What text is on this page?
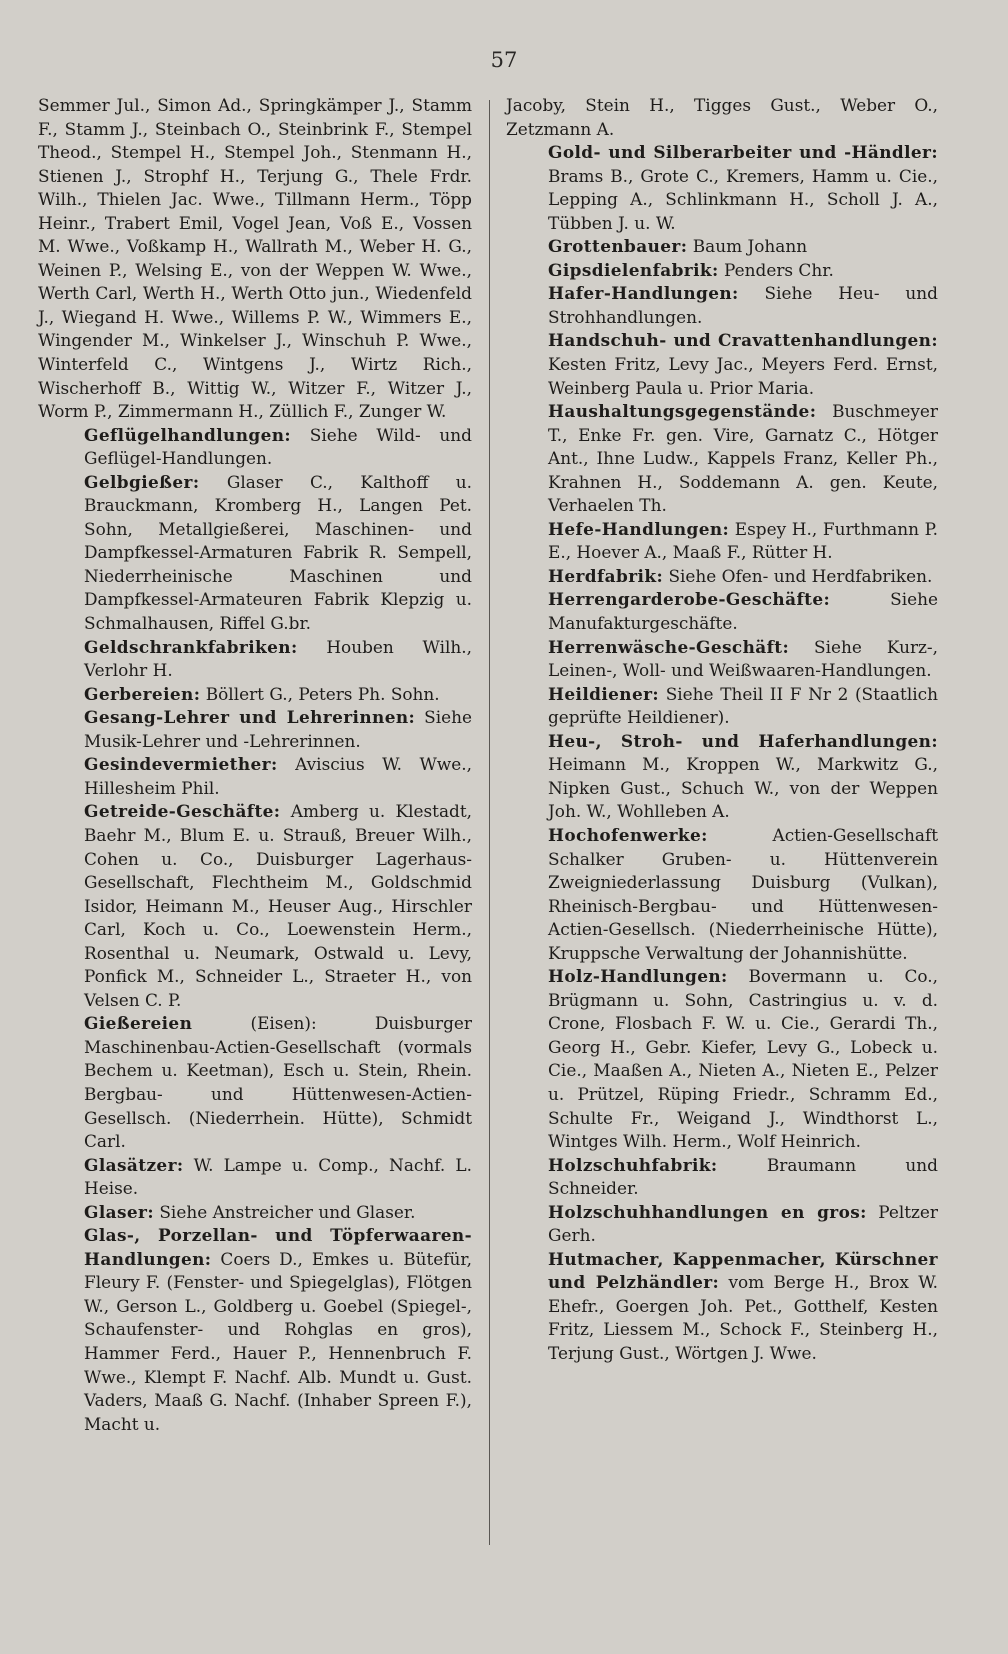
57

Semmer Jul., Simon Ad., Springkämper J., Stamm F., Stamm J., Steinbach O., Steinbrink F., Stempel Theod., Stempel H., Stempel Joh., Stenmann H., Stienen J., Strophf H., Terjung G., Thele Frdr. Wilh., Thielen Jac. Wwe., Tillmann Herm., Töpp Heinr., Trabert Emil, Vogel Jean, Voß E., Vossen M. Wwe., Voßkamp H., Wallrath M., Weber H. G., Weinen P., Welsing E., von der Weppen W. Wwe., Werth Carl, Werth H., Werth Otto jun., Wiedenfeld J., Wiegand H. Wwe., Willems P. W., Wimmers E., Wingender M., Winkelser J., Winschuh P. Wwe., Winterfeld C., Wintgens J., Wirtz Rich., Wischerhoff B., Wittig W., Witzer F., Witzer J., Worm P., Zimmermann H., Züllich F., Zunger W.

Geflügelhandlungen: Siehe Wild- und Geflügel-Handlungen.

Gelbgießer: Glaser C., Kalthoff u. Brauckmann, Kromberg H., Langen Pet. Sohn, Metallgießerei, Maschinen- und Dampfkessel-Armaturen Fabrik R. Sempell, Niederrheinische Maschinen und Dampfkessel-Armateuren Fabrik Klepzig u. Schmalhausen, Riffel G.br.

Geldschrankfabriken: Houben Wilh., Verlohr H.

Gerbereien: Böllert G., Peters Ph. Sohn.

Gesang-Lehrer und Lehrerinnen: Siehe Musik-Lehrer und -Lehrerinnen.

Gesindevermiether: Aviscius W. Wwe., Hillesheim Phil.

Getreide-Geschäfte: Amberg u. Klestadt, Baehr M., Blum E. u. Strauß, Breuer Wilh., Cohen u. Co., Duisburger Lagerhaus-Gesellschaft, Flechtheim M., Goldschmid Isidor, Heimann M., Heuser Aug., Hirschler Carl, Koch u. Co., Loewenstein Herm., Rosenthal u. Neumark, Ostwald u. Levy, Ponfick M., Schneider L., Straeter H., von Velsen C. P.

Gießereien (Eisen): Duisburger Maschinenbau-Actien-Gesellschaft (vormals Bechem u. Keetman), Esch u. Stein, Rhein. Bergbau- und Hüttenwesen-Actien-Gesellsch. (Niederrhein. Hütte), Schmidt Carl.

Glasätzer: W. Lampe u. Comp., Nachf. L. Heise.

Glaser: Siehe Anstreicher und Glaser.

Glas-, Porzellan- und Töpferwaaren-Handlungen: Coers D., Emkes u. Bütefür, Fleury F. (Fenster- und Spiegelglas), Flötgen W., Gerson L., Goldberg u. Goebel (Spiegel-, Schaufenster- und Rohglas en gros), Hammer Ferd., Hauer P., Hennenbruch F. Wwe., Klempt F. Nachf. Alb. Mundt u. Gust. Vaders, Maaß G. Nachf. (Inhaber Spreen F.), Macht u.

Jacoby, Stein H., Tigges Gust., Weber O., Zetzmann A.

Gold- und Silberarbeiter und -Händler: Brams B., Grote C., Kremers, Hamm u. Cie., Lepping A., Schlinkmann H., Scholl J. A., Tübben J. u. W.

Grottenbauer: Baum Johann

Gipsdielenfabrik: Penders Chr.

Hafer-Handlungen: Siehe Heu- und Strohhandlungen.

Handschuh- und Cravattenhandlungen: Kesten Fritz, Levy Jac., Meyers Ferd. Ernst, Weinberg Paula u. Prior Maria.

Haushaltungsgegenstände: Buschmeyer T., Enke Fr. gen. Vire, Garnatz C., Hötger Ant., Ihne Ludw., Kappels Franz, Keller Ph., Krahnen H., Soddemann A. gen. Keute, Verhaelen Th.

Hefe-Handlungen: Espey H., Furthmann P. E., Hoever A., Maaß F., Rütter H.

Herdfabrik: Siehe Ofen- und Herdfabriken.

Herrengarderobe-Geschäfte: Siehe Manufakturgeschäfte.

Herrenwäsche-Geschäft: Siehe Kurz-, Leinen-, Woll- und Weißwaaren-Handlungen.

Heildiener: Siehe Theil II F Nr 2 (Staatlich geprüfte Heildiener).

Heu-, Stroh- und Haferhandlungen: Heimann M., Kroppen W., Markwitz G., Nipken Gust., Schuch W., von der Weppen Joh. W., Wohlleben A.

Hochofenwerke: Actien-Gesellschaft Schalker Gruben- u. Hüttenverein Zweigniederlassung Duisburg (Vulkan), Rheinisch-Bergbau- und Hüttenwesen-Actien-Gesellsch. (Niederrheinische Hütte), Kruppsche Verwaltung der Johannishütte.

Holz-Handlungen: Bovermann u. Co., Brügmann u. Sohn, Castringius u. v. d. Crone, Flosbach F. W. u. Cie., Gerardi Th., Georg H., Gebr. Kiefer, Levy G., Lobeck u. Cie., Maaßen A., Nieten A., Nieten E., Pelzer u. Prützel, Rüping Friedr., Schramm Ed., Schulte Fr., Weigand J., Windthorst L., Wintges Wilh. Herm., Wolf Heinrich.

Holzschuhfabrik: Braumann und Schneider.

Holzschuhhandlungen en gros: Peltzer Gerh.

Hutmacher, Kappenmacher, Kürschner und Pelzhändler: vom Berge H., Brox W. Ehefr., Goergen Joh. Pet., Gotthelf, Kesten Fritz, Liessem M., Schock F., Steinberg H., Terjung Gust., Wörtgen J. Wwe.
